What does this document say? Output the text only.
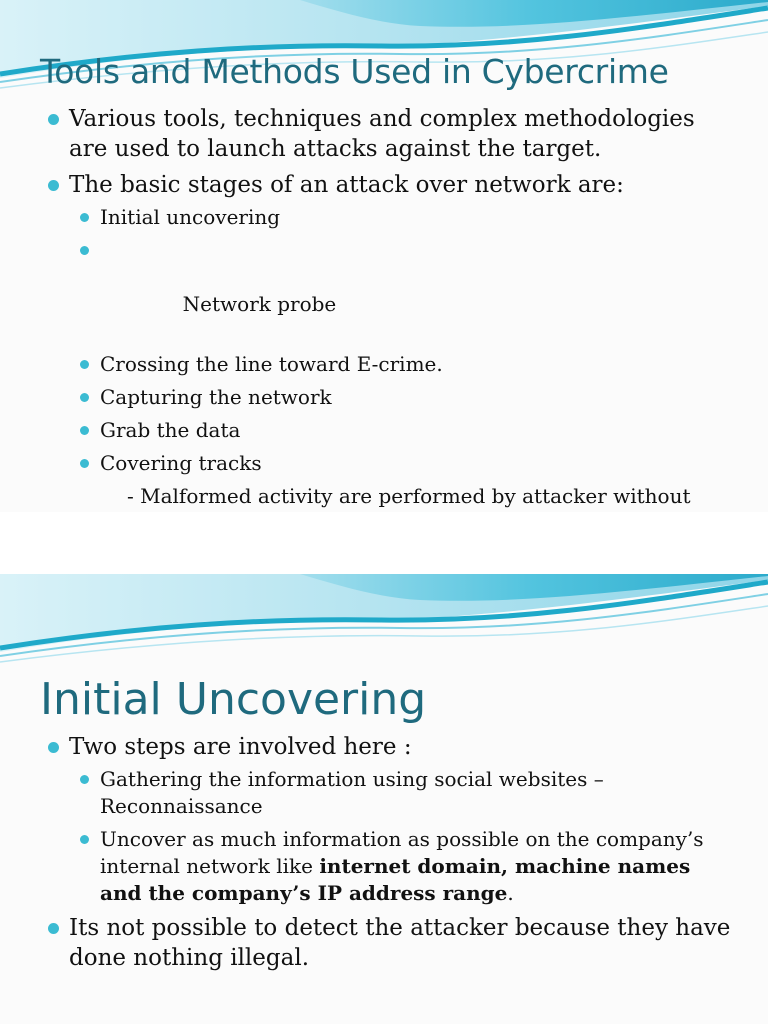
Tools and Methods Used in Cybercrime
Various tools, techniques and complex methodologies are used to launch attacks against the target.
The basic stages of an attack over network are:
Initial uncovering

Network probe

Crossing the line toward E-crime.
Capturing the network
Grab the data
Covering tracks
- Malformed activity are performed by attacker without
Initial Uncovering
Two steps are involved here :
Gathering the information using social websites – Reconnaissance
Uncover as much information as possible on the company’s internal network like internet domain, machine names and the company’s IP address range.
Its not possible to detect the attacker because they have done nothing illegal.
